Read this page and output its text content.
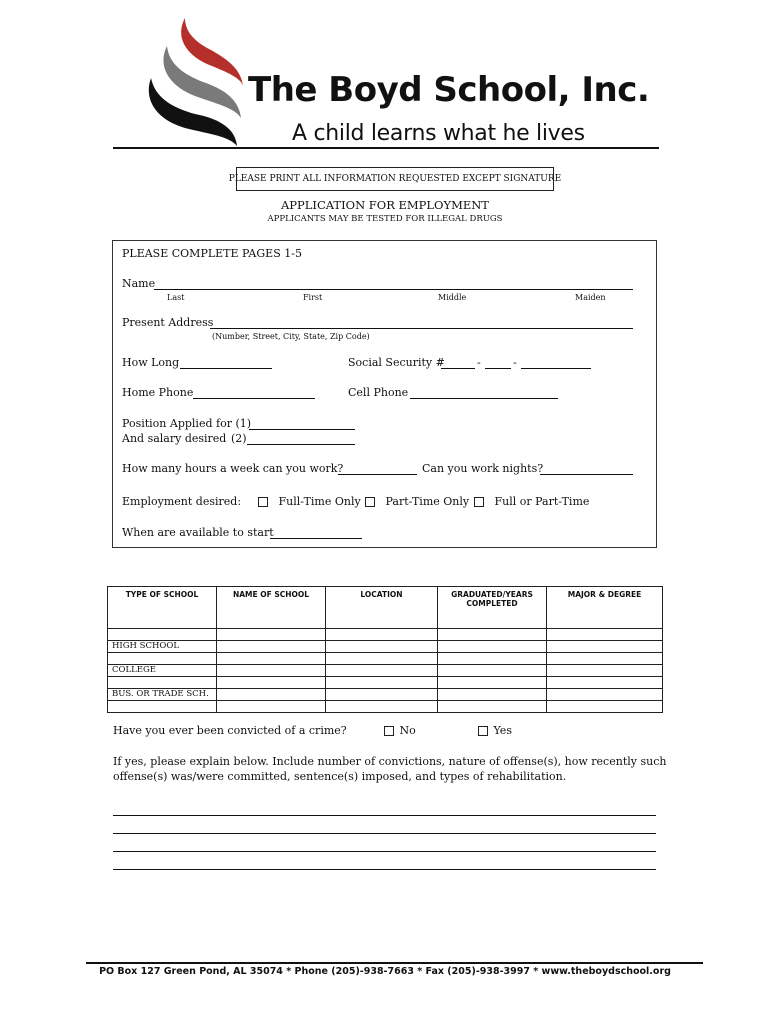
The Boyd School, Inc.
A child learns what he lives
PLEASE PRINT ALL INFORMATION REQUESTED EXCEPT SIGNATURE
APPLICATION FOR EMPLOYMENT
APPLICANTS MAY BE TESTED FOR ILLEGAL DRUGS
PLEASE COMPLETE PAGES 1-5
Name
Last	First	Middle	Maiden
Present Address
(Number, Street, City, State, Zip Code)
How Long	Social Security #	-	-
Home Phone	Cell Phone
Position Applied for (1)
And salary desired (2)
How many hours a week can you work?	Can you work nights?
Employment desired:	Full-Time Only	Part-Time Only	Full or Part-Time
When are available to start
TYPE OF SCHOOL	NAME OF SCHOOL	LOCATION	GRADUATED/YEARS COMPLETED	MAJOR & DEGREE

HIGH SCHOOL				

COLLEGE				

BUS. OR TRADE SCH.				

Have you ever been convicted of a crime?	No	Yes
If yes, please explain below. Include number of convictions, nature of offense(s), how recently such offense(s) was/were committed, sentence(s) imposed, and types of rehabilitation.
PO Box 127 Green Pond, AL 35074 * Phone (205)-938-7663 * Fax (205)-938-3997 * www.theboydschool.org
